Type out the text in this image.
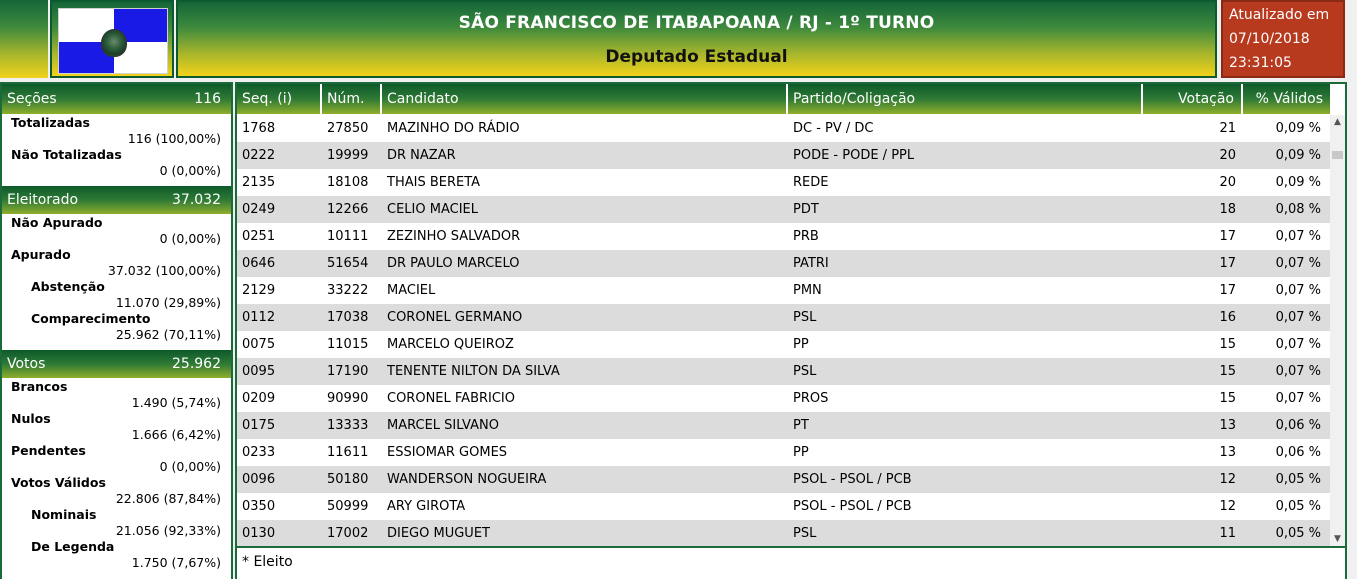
SÃO FRANCISCO DE ITABAPOANA / RJ - 1º TURNO
Deputado Estadual
Atualizado em
07/10/2018
23:31:05
Seções	116
Totalizadas
116 (100,00%)
Não Totalizadas
0 (0,00%)
Eleitorado	37.032
Não Apurado
0 (0,00%)
Apurado
37.032 (100,00%)
Abstenção
11.070 (29,89%)
Comparecimento
25.962 (70,11%)
Votos	25.962
Brancos
1.490 (5,74%)
Nulos
1.666 (6,42%)
Pendentes
0 (0,00%)
Votos Válidos
22.806 (87,84%)
Nominais
21.056 (92,33%)
De Legenda
1.750 (7,67%)
Seq. (i)	Núm.	Candidato	Partido/Coligação	Votação	% Válidos
1768	27850	MAZINHO DO RÁDIO	DC - PV / DC	21	0,09 %
0222	19999	DR NAZAR	PODE - PODE / PPL	20	0,09 %
2135	18108	THAIS BERETA	REDE	20	0,09 %
0249	12266	CELIO MACIEL	PDT	18	0,08 %
0251	10111	ZEZINHO SALVADOR	PRB	17	0,07 %
0646	51654	DR PAULO MARCELO	PATRI	17	0,07 %
2129	33222	MACIEL	PMN	17	0,07 %
0112	17038	CORONEL GERMANO	PSL	16	0,07 %
0075	11015	MARCELO QUEIROZ	PP	15	0,07 %
0095	17190	TENENTE NILTON DA SILVA	PSL	15	0,07 %
0209	90990	CORONEL FABRICIO	PROS	15	0,07 %
0175	13333	MARCEL SILVANO	PT	13	0,06 %
0233	11611	ESSIOMAR GOMES	PP	13	0,06 %
0096	50180	WANDERSON NOGUEIRA	PSOL - PSOL / PCB	12	0,05 %
0350	50999	ARY GIROTA	PSOL - PSOL / PCB	12	0,05 %
0130	17002	DIEGO MUGUET	PSL	11	0,05 %
▲
▼
* Eleito
